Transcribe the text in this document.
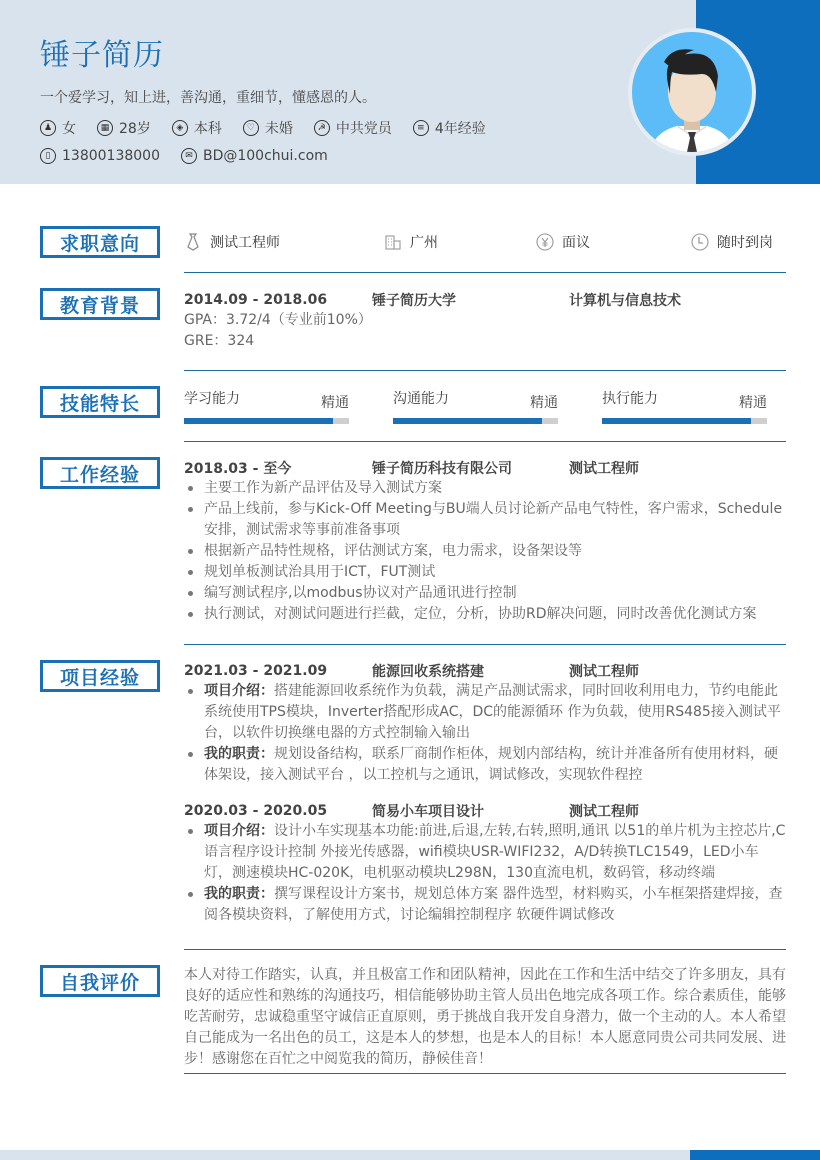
锤子简历
一个爱学习，知上进，善沟通，重细节，懂感恩的人。
♟ 女	▦ 28岁	◈ 本科	♡ 未婚	☭ 中共党员	≡ 4年经验
▯ 13800138000	✉ BD@100chui.com
求职意向	测试工程师	广州	面议	随时到岗
教育背景	2014.09 - 2018.06	锤子简历大学	计算机与信息技术
GPA：3.72/4（专业前10%）
GRE：324
技能特长	学习能力	精通	沟通能力	精通	执行能力	精通
工作经验	2018.03 - 至今	锤子简历科技有限公司	测试工程师
主要工作为新产品评估及导入测试方案
产品上线前，参与Kick-Off Meeting与BU端人员讨论新产品电气特性，客户需求，Schedule安排，测试需求等事前准备事项
根据新产品特性规格，评估测试方案，电力需求，设备架设等
规划单板测试治具用于ICT，FUT测试
编写测试程序,以modbus协议对产品通讯进行控制
执行测试，对测试问题进行拦截，定位，分析，协助RD解决问题，同时改善优化测试方案
项目经验	2021.03 - 2021.09	能源回收系统搭建	测试工程师
项目介绍：搭建能源回收系统作为负载，满足产品测试需求，同时回收利用电力，节约电能此系统使用TPS模块，Inverter搭配形成AC，DC的能源循环 作为负载，使用RS485接入测试平台，以软件切换继电器的方式控制输入输出
我的职责：规划设备结构，联系厂商制作柜体，规划内部结构，统计并准备所有使用材料，硬体架设，接入测试平台 ，以工控机与之通讯，调试修改，实现软件程控
2020.03 - 2020.05	简易小车项目设计	测试工程师
项目介绍：设计小车实现基本功能:前进,后退,左转,右转,照明,通讯 以51的单片机为主控芯片,C语言程序设计控制 外接光传感器，wifi模块USR-WIFI232，A/D转换TLC1549，LED小车灯，测速模块HC-020K，电机驱动模块L298N，130直流电机，数码管，移动终端
我的职责：撰写课程设计方案书，规划总体方案 器件选型，材料购买，小车框架搭建焊接，查阅各模块资料，了解使用方式，讨论编辑控制程序 软硬件调试修改
自我评价	本人对待工作踏实，认真，并且极富工作和团队精神，因此在工作和生活中结交了许多朋友，具有良好的适应性和熟练的沟通技巧，相信能够协助主管人员出色地完成各项工作。综合素质佳，能够吃苦耐劳，忠诚稳重坚守诚信正直原则，勇于挑战自我开发自身潜力，做一个主动的人。本人希望自己能成为一名出色的员工，这是本人的梦想，也是本人的目标！本人愿意同贵公司共同发展、进步！感谢您在百忙之中阅览我的简历，静候佳音！
